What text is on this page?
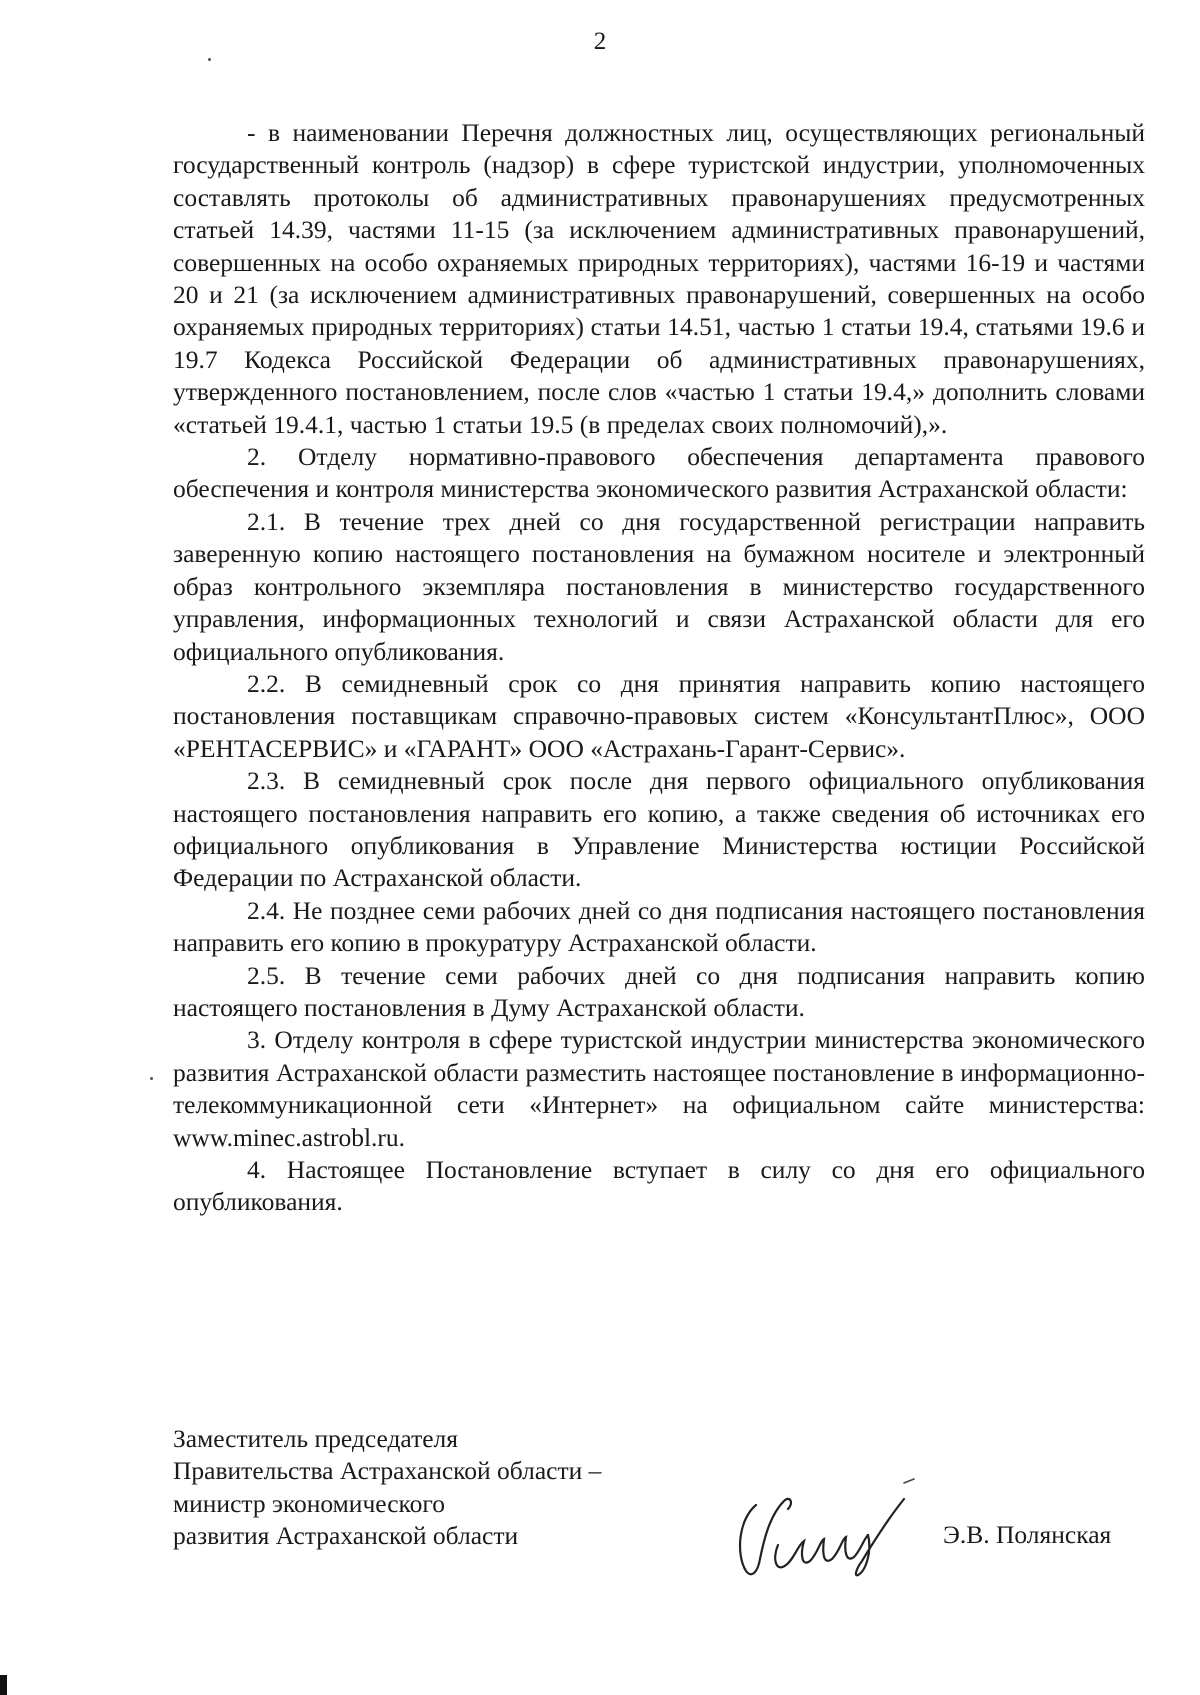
2

- в наименовании Перечня должностных лиц, осуществляющих региональный государственный контроль (надзор) в сфере туристской индустрии, уполномоченных составлять протоколы об административных правонарушениях предусмотренных статьей 14.39, частями 11-15 (за исключением административных правонарушений, совершенных на особо охраняемых природных территориях), частями 16-19 и частями 20 и 21 (за исключением административных правонарушений, совершенных на особо охраняемых природных территориях) статьи 14.51, частью 1 статьи 19.4, статьями 19.6 и 19.7 Кодекса Российской Федерации об административных правонарушениях, утвержденного постановлением, после слов «частью 1 статьи 19.4,» дополнить словами «статьей 19.4.1, частью 1 статьи 19.5 (в пределах своих полномочий),».

2. Отделу нормативно-правового обеспечения департамента правового обеспечения и контроля министерства экономического развития Астраханской области:

2.1. В течение трех дней со дня государственной регистрации направить заверенную копию настоящего постановления на бумажном носителе и электронный образ контрольного экземпляра постановления в министерство государственного управления, информационных технологий и связи Астраханской области для его официального опубликования.

2.2. В семидневный срок со дня принятия направить копию настоящего постановления поставщикам справочно-правовых систем «КонсультантПлюс», ООО «РЕНТАСЕРВИС» и «ГАРАНТ» ООО «Астрахань-Гарант-Сервис».

2.3. В семидневный срок после дня первого официального опубликования настоящего постановления направить его копию, а также сведения об источниках его официального опубликования в Управление Министерства юстиции Российской Федерации по Астраханской области.

2.4. Не позднее семи рабочих дней со дня подписания настоящего постановления направить его копию в прокуратуру Астраханской области.

2.5. В течение семи рабочих дней со дня подписания направить копию настоящего постановления в Думу Астраханской области.

3. Отделу контроля в сфере туристской индустрии министерства экономического развития Астраханской области разместить настоящее постановление в информационно-телекоммуникационной сети «Интернет» на официальном сайте министерства: www.minec.astrobl.ru.

4. Настоящее Постановление вступает в силу со дня его официального опубликования.

Заместитель председателя
Правительства Астраханской области –
министр экономического
развития Астраханской области	Э.В. Полянская
